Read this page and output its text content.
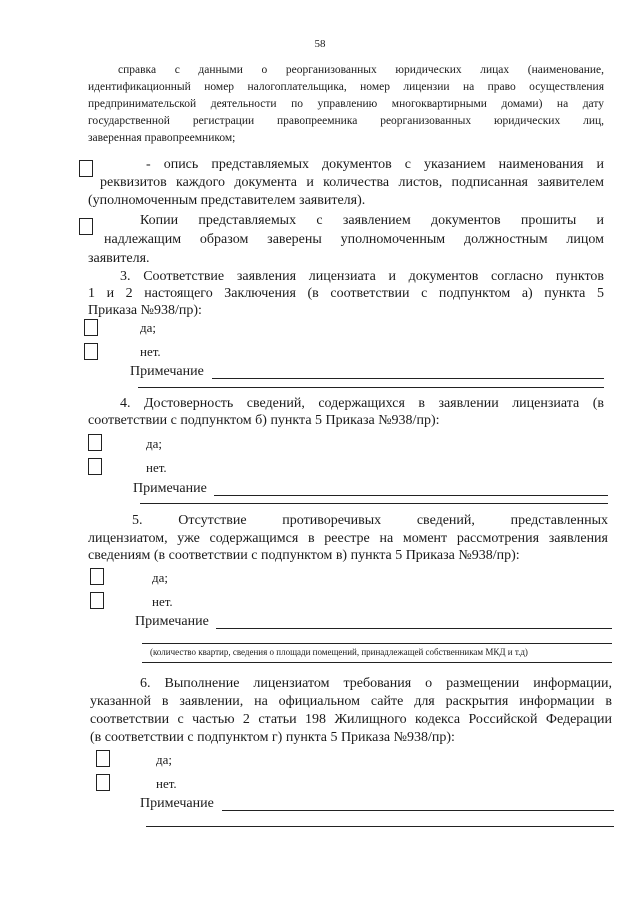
58
справка с данными о реорганизованных юридических лицах (наименование,
идентификационный номер налогоплательщика, номер лицензии на право осуществления
предпринимательской деятельности по управлению многоквартирными домами) на дату
государственной регистрации правопреемника реорганизованных юридических лиц,
заверенная правопреемником;
- опись представляемых документов с указанием наименования и
реквизитов каждого документа и количества листов, подписанная заявителем
(уполномоченным представителем заявителя).
Копии представляемых с заявлением документов прошиты и
надлежащим образом заверены уполномоченным должностным лицом
заявителя.
3. Соответствие заявления лицензиата и документов согласно пунктов
1 и 2 настоящего Заключения (в соответствии с подпунктом а) пункта 5
Приказа №938/пр):
да;
нет.
Примечание
4. Достоверность сведений, содержащихся в заявлении лицензиата (в
соответствии с подпунктом б) пункта 5 Приказа №938/пр):
да;
нет.
Примечание
5. Отсутствие противоречивых сведений, представленных
лицензиатом, уже содержащимся в реестре на момент рассмотрения заявления
сведениям (в соответствии с подпунктом в) пункта 5 Приказа №938/пр):
да;
нет.
Примечание
(количество квартир, сведения о площади помещений, принадлежащей собственникам МКД и т.д)
6. Выполнение лицензиатом требования о размещении информации,
указанной в заявлении, на официальном сайте для раскрытия информации в
соответствии с частью 2 статьи 198 Жилищного кодекса Российской Федерации
(в соответствии с подпунктом г) пункта 5 Приказа №938/пр):
да;
нет.
Примечание
